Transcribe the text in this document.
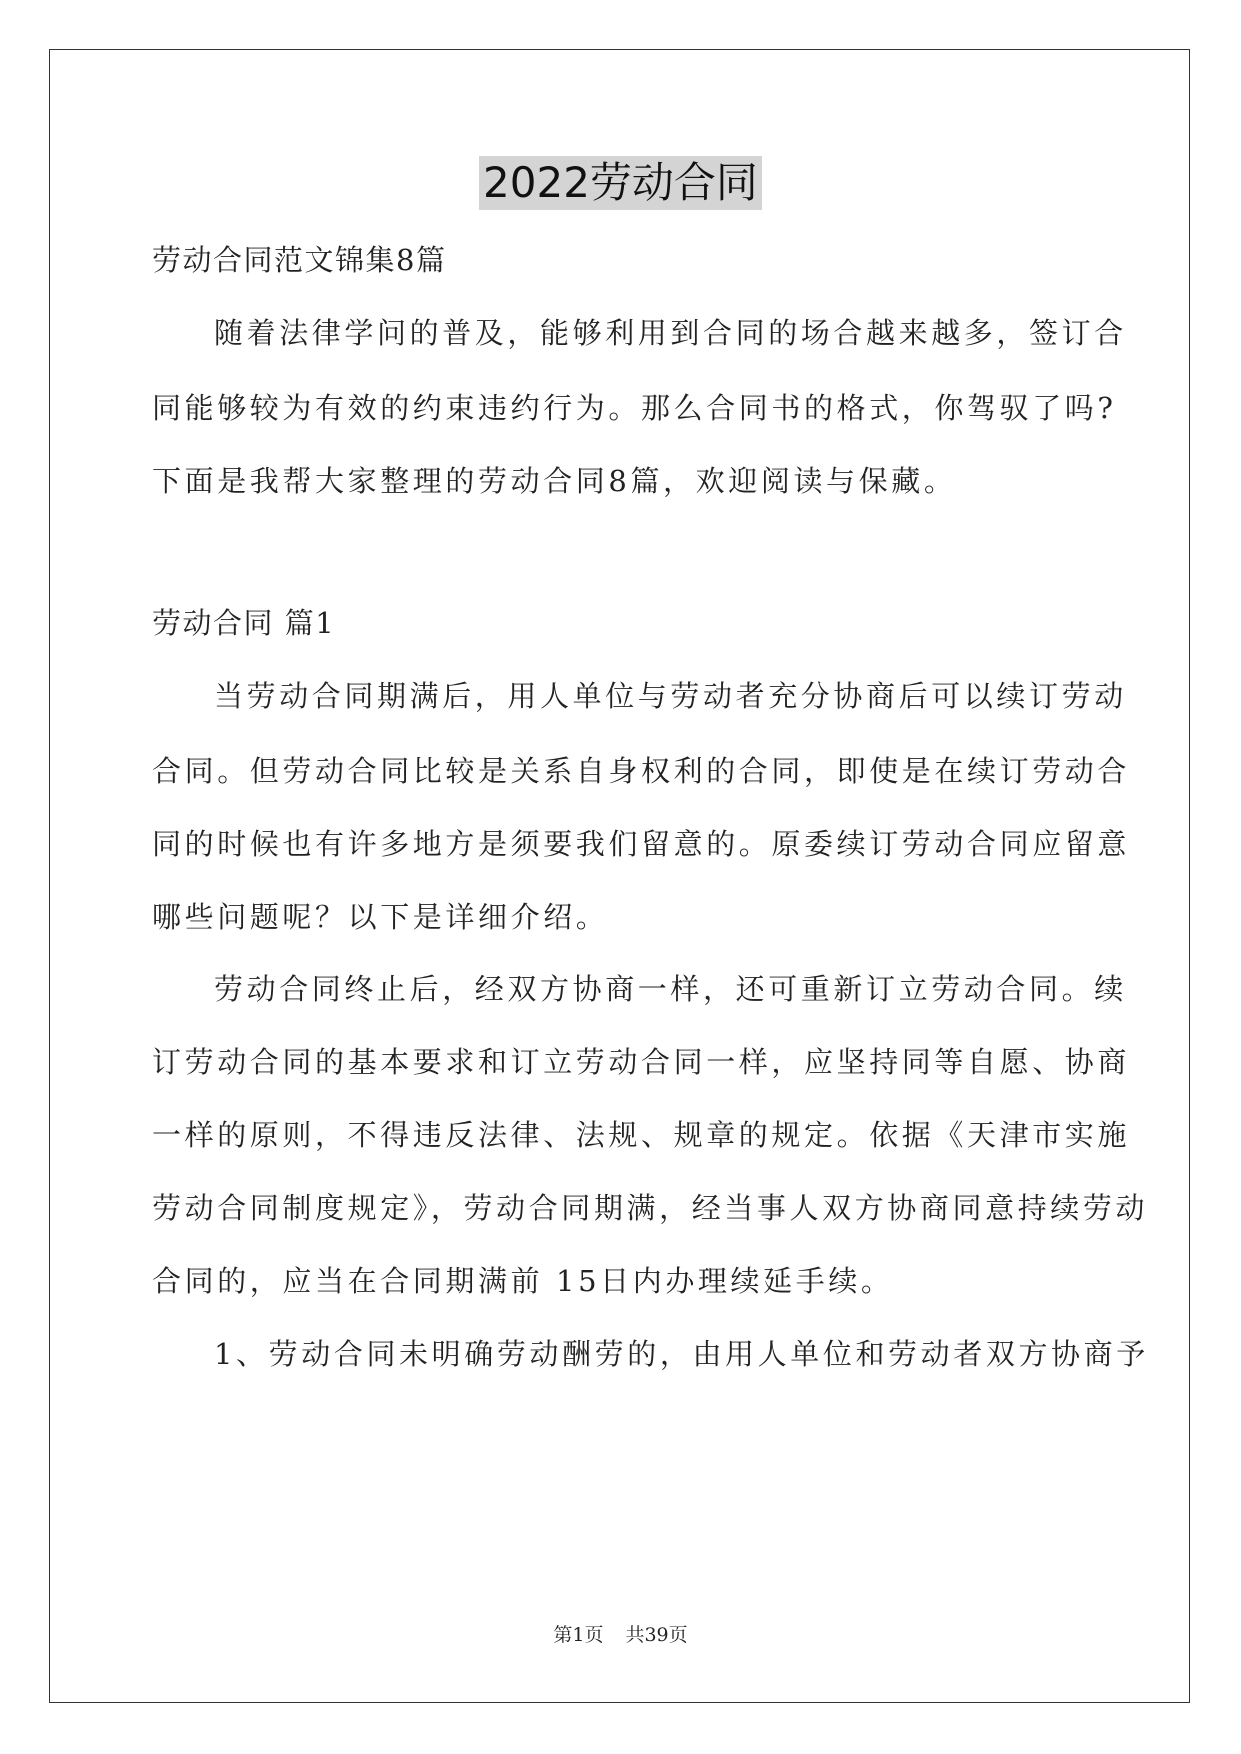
2022劳动合同
劳动合同范文锦集8篇
随着法律学问的普及，能够利用到合同的场合越来越多，签订合
同能够较为有效的约束违约行为。那么合同书的格式，你驾驭了吗?
下面是我帮大家整理的劳动合同8篇，欢迎阅读与保藏。
劳动合同 篇1
当劳动合同期满后，用人单位与劳动者充分协商后可以续订劳动
合同。但劳动合同比较是关系自身权利的合同，即使是在续订劳动合
同的时候也有许多地方是须要我们留意的。原委续订劳动合同应留意
哪些问题呢？以下是详细介绍。
劳动合同终止后，经双方协商一样，还可重新订立劳动合同。续
订劳动合同的基本要求和订立劳动合同一样，应坚持同等自愿、协商
一样的原则，不得违反法律、法规、规章的规定。依据《天津市实施
劳动合同制度规定》，劳动合同期满，经当事人双方协商同意持续劳动
合同的，应当在合同期满前 15日内办理续延手续。
1、劳动合同未明确劳动酬劳的，由用人单位和劳动者双方协商予
第1页 共39页
